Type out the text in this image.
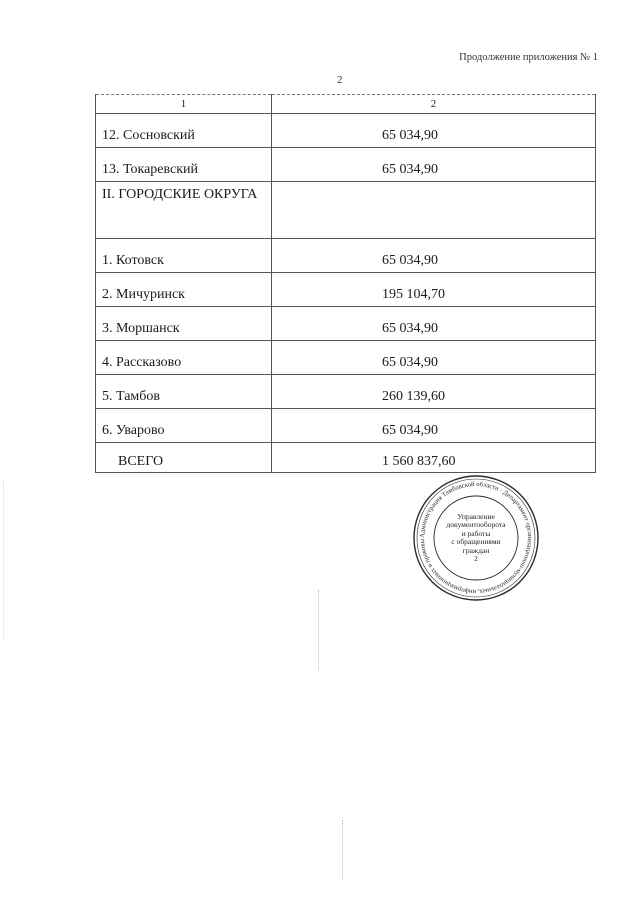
Продолжение приложения № 1
2
1	2
12. Сосновский	65 034,90
13. Токаревский	65 034,90
II. ГОРОДСКИЕ ОКРУГА	
1. Котовск	65 034,90
2. Мичуринск	195 104,70
3. Моршанск	65 034,90
4. Рассказово	65 034,90
5. Тамбов	260 139,60
6. Уварово	65 034,90
ВСЕГО	1 560 837,60
Администрация Тамбовской области · Департамент организационно-муниципальных, информационных и правовы
Управление
документооборота
и работы
с обращениями
граждан
2
